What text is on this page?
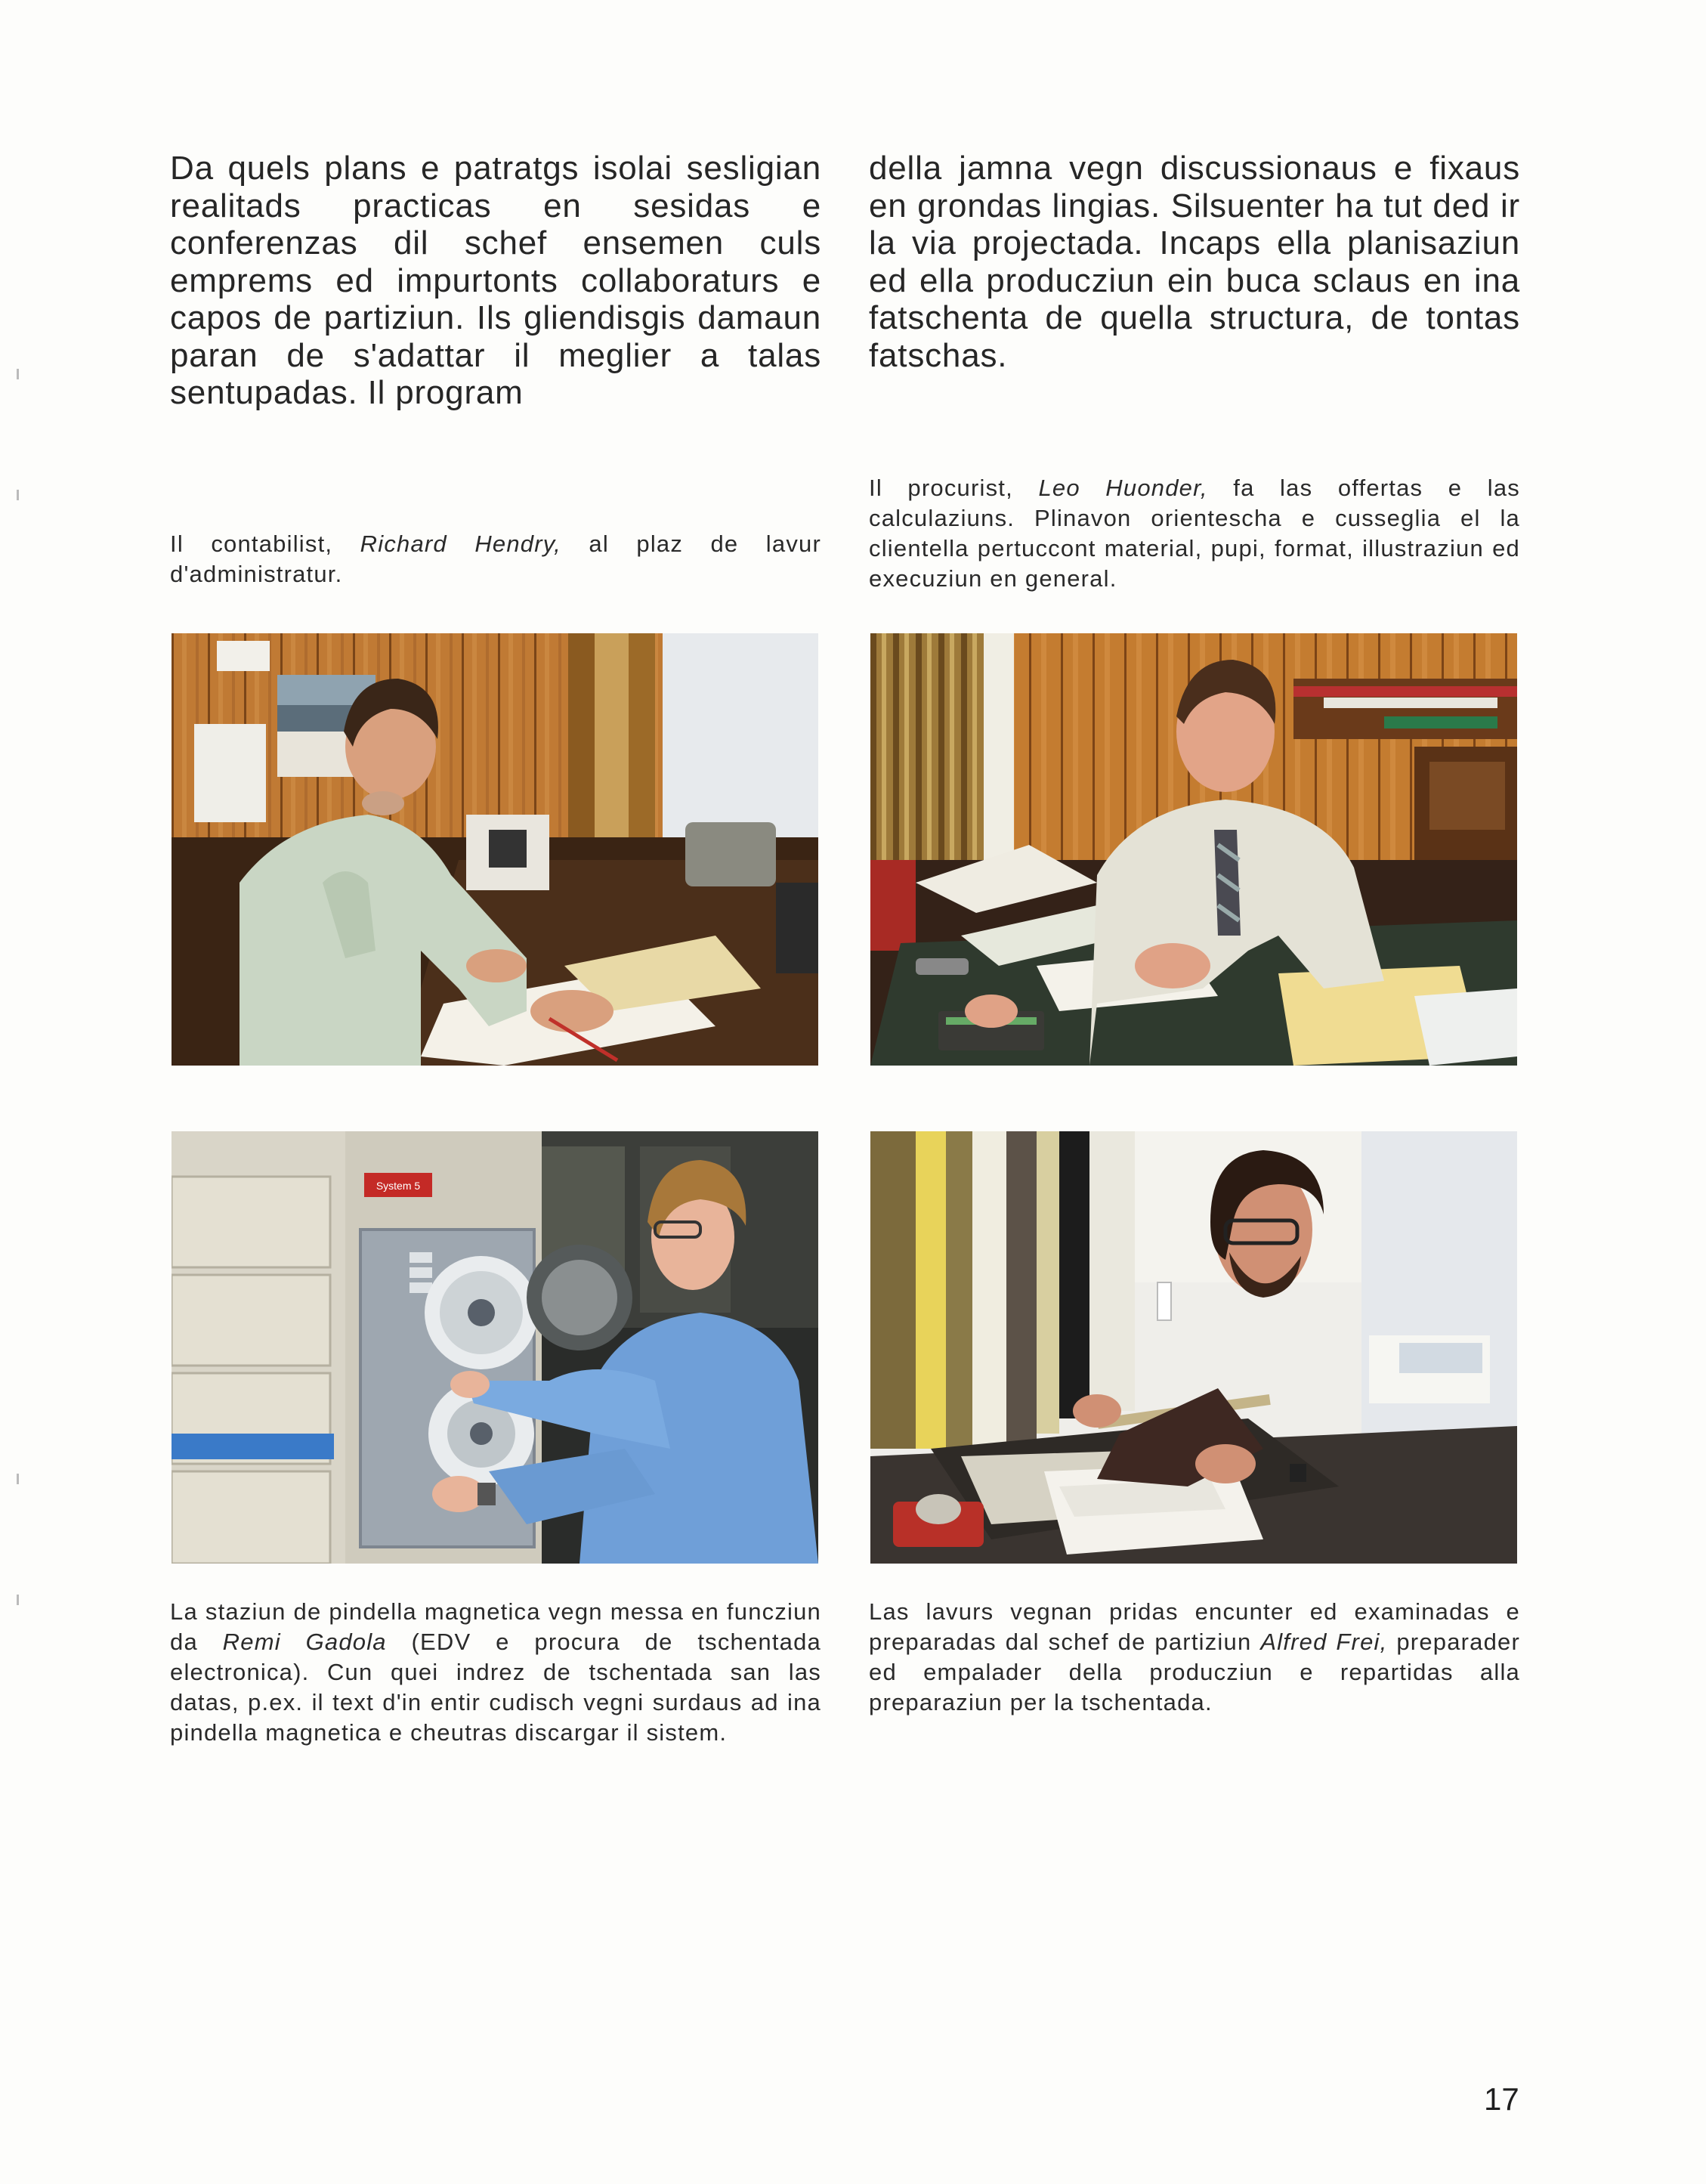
Da quels plans e patratgs isolai sesligian realitads practicas en sesidas e conferenzas dil schef ensemen culs emprems ed impurtonts collaboraturs e capos de partiziun. Ils gliendisgis damaun paran de s'adattar il meglier a talas sentupadas. Il program

della jamna vegn discussionaus e fixaus en grondas lingias. Silsuenter ha tut ded ir la via projectada. Incaps ella planisaziun ed ella producziun ein buca sclaus en ina fatschenta de quella structura, de tontas fatschas.

Il contabilist, Richard Hendry, al plaz de lavur d'administratur.

Il procurist, Leo Huonder, fa las offertas e las calculaziuns. Plinavon orientescha e cusseglia el la clientella pertuccont material, pupi, format, illustraziun ed execuziun en general.

System 5

La staziun de pindella magnetica vegn messa en funcziun da Remi Gadola (EDV e procura de tschentada electronica). Cun quei indrez de tschentada san las datas, p.ex. il text d'in entir cudisch vegni surdaus ad ina pindella magnetica e cheutras discargar il sistem.

Las lavurs vegnan pridas encunter ed examinadas e preparadas dal schef de partiziun Alfred Frei, preparader ed empalader della producziun e repartidas alla preparaziun per la tschentada.

17
